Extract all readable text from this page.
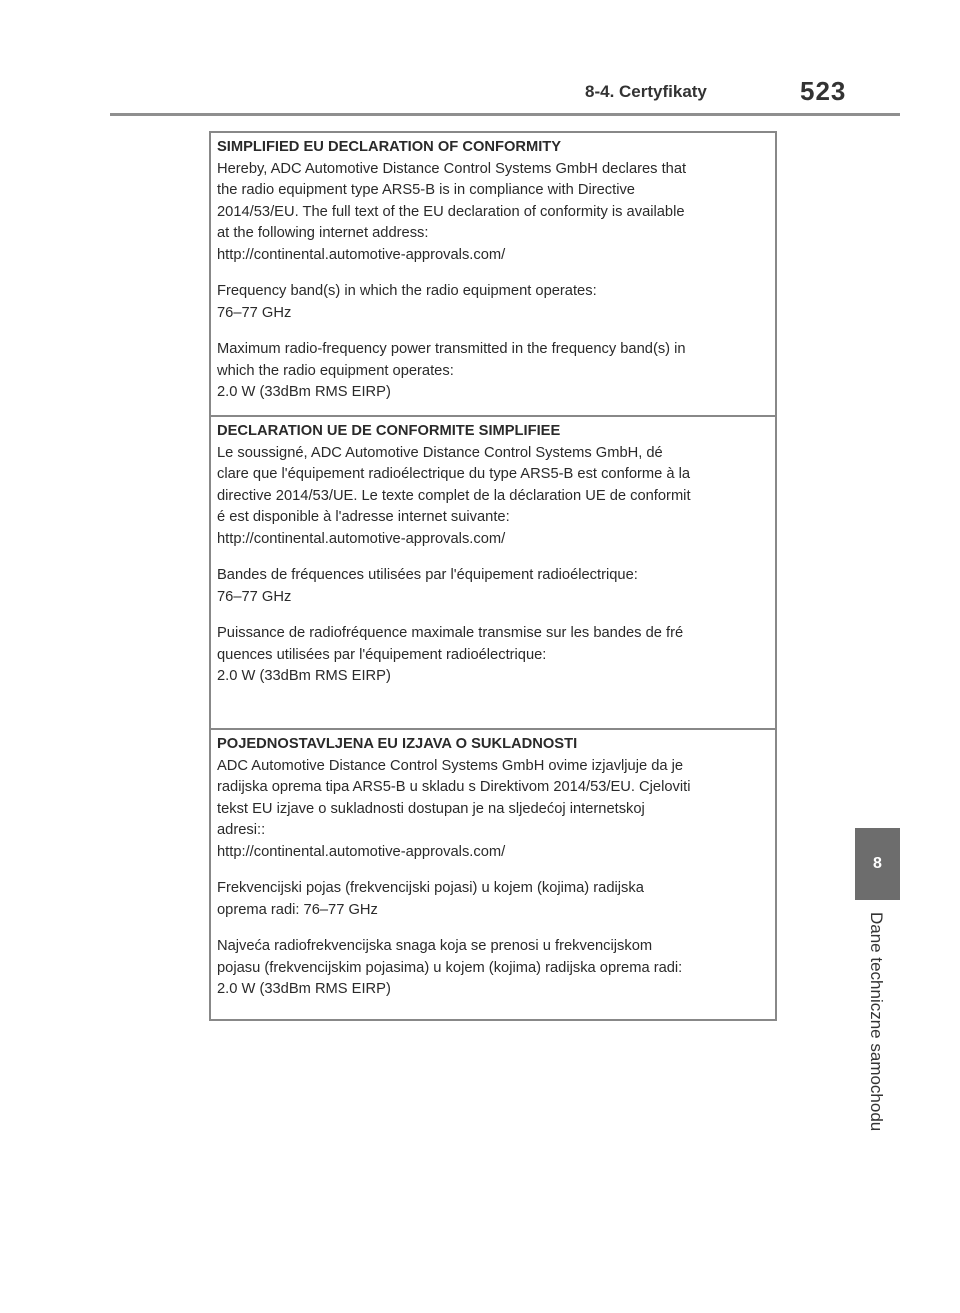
8-4. Certyfikaty	523
8
Dane techniczne samochodu
SIMPLIFIED EU DECLARATION OF CONFORMITY

Hereby, ADC Automotive Distance Control Systems GmbH declares that

the radio equipment type ARS5-B is in compliance with Directive

2014/53/EU. The full text of the EU declaration of conformity is available

at the following internet address:

http://continental.automotive-approvals.com/

Frequency band(s) in which the radio equipment operates:

76–77 GHz

Maximum radio-frequency power transmitted in the frequency band(s) in

which the radio equipment operates:

2.0 W (33dBm RMS EIRP)

DECLARATION UE DE CONFORMITE SIMPLIFIEE

Le soussigné, ADC Automotive Distance Control Systems GmbH, dé

clare que l'équipement radioélectrique du type ARS5-B est conforme à la

directive 2014/53/UE. Le texte complet de la déclaration UE de conformit

é est disponible à l'adresse internet suivante:

http://continental.automotive-approvals.com/

Bandes de fréquences utilisées par l'équipement radioélectrique:

76–77 GHz

Puissance de radiofréquence maximale transmise sur les bandes de fré

quences utilisées par l'équipement radioélectrique:

2.0 W (33dBm RMS EIRP)

POJEDNOSTAVLJENA EU IZJAVA O SUKLADNOSTI

ADC Automotive Distance Control Systems GmbH ovime izjavljuje da je

radijska oprema tipa ARS5-B u skladu s Direktivom 2014/53/EU. Cjeloviti

tekst EU izjave o sukladnosti dostupan je na sljedećoj internetskoj

adresi::

http://continental.automotive-approvals.com/

Frekvencijski pojas (frekvencijski pojasi) u kojem (kojima) radijska

oprema radi: 76–77 GHz

Najveća radiofrekvencijska snaga koja se prenosi u frekvencijskom

pojasu (frekvencijskim pojasima) u kojem (kojima) radijska oprema radi:

2.0 W (33dBm RMS EIRP)
